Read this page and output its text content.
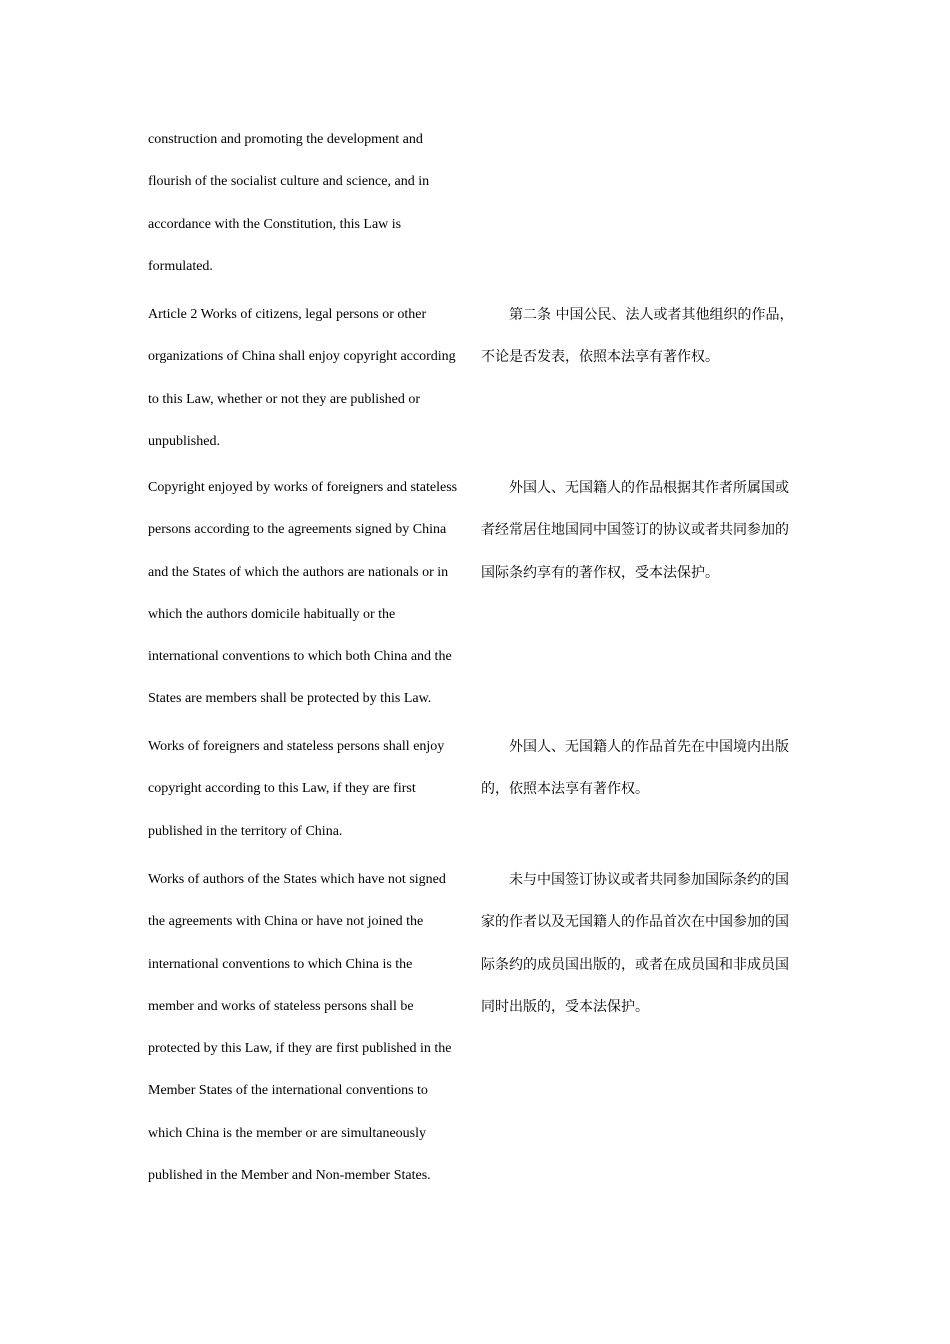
construction and promoting the development and
flourish of the socialist culture and science, and in
accordance with the Constitution, this Law is
formulated.
Article 2 Works of citizens, legal persons or other
organizations of China shall enjoy copyright according
to this Law, whether or not they are published or
unpublished.
第二条 中国公民、法人或者其他组织的作品，
不论是否发表，依照本法享有著作权。
Copyright enjoyed by works of foreigners and stateless
persons according to the agreements signed by China
and the States of which the authors are nationals or in
which the authors domicile habitually or the
international conventions to which both China and the
States are members shall be protected by this Law.
外国人、无国籍人的作品根据其作者所属国或
者经常居住地国同中国签订的协议或者共同参加的
国际条约享有的著作权，受本法保护。
Works of foreigners and stateless persons shall enjoy
copyright according to this Law, if they are first
published in the territory of China.
外国人、无国籍人的作品首先在中国境内出版
的，依照本法享有著作权。
Works of authors of the States which have not signed
the agreements with China or have not joined the
international conventions to which China is the
member and works of stateless persons shall be
protected by this Law, if they are first published in the
Member States of the international conventions to
which China is the member or are simultaneously
published in the Member and Non-member States.
未与中国签订协议或者共同参加国际条约的国
家的作者以及无国籍人的作品首次在中国参加的国
际条约的成员国出版的，或者在成员国和非成员国
同时出版的，受本法保护。
